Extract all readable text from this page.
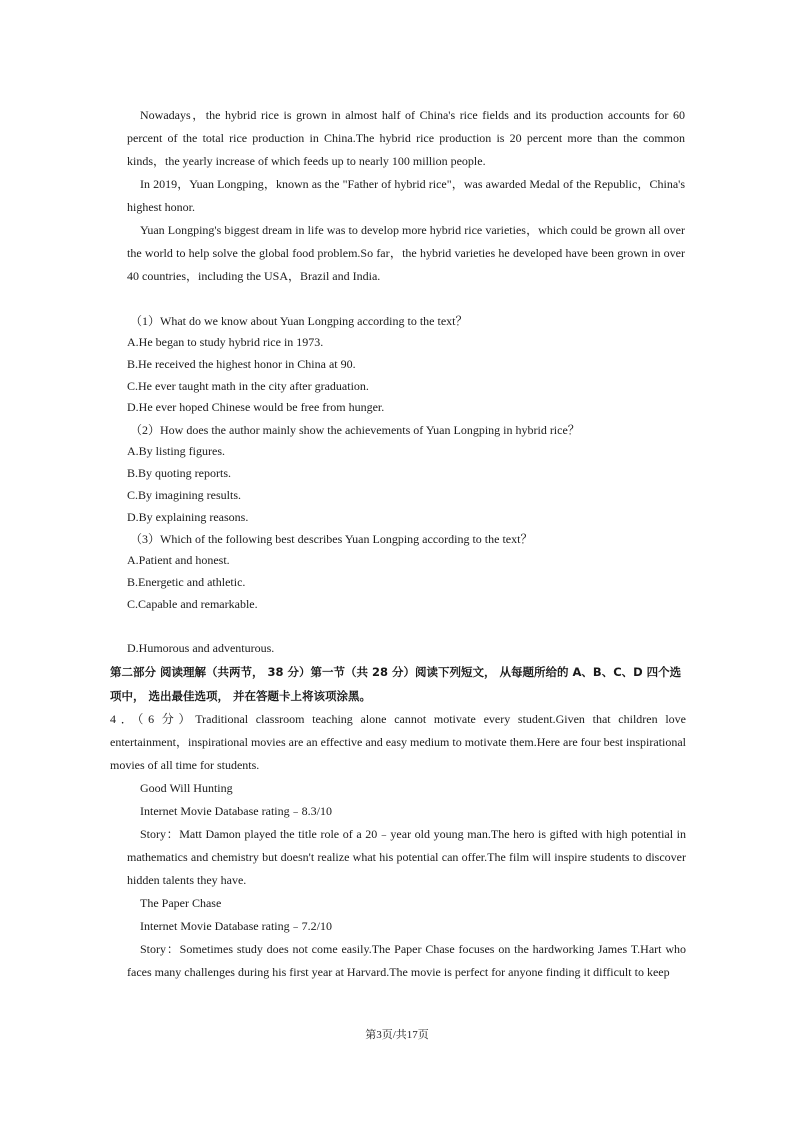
Nowadays，the hybrid rice is grown in almost half of China's rice fields and its production accounts for 60 percent of the total rice production in China.The hybrid rice production is 20 percent more than the common kinds，the yearly increase of which feeds up to nearly 100 million people.

In 2019，Yuan Longping，known as the "Father of hybrid rice"，was awarded Medal of the Republic，China's highest honor.

Yuan Longping's biggest dream in life was to develop more hybrid rice varieties，which could be grown all over the world to help solve the global food problem.So far，the hybrid varieties he developed have been grown in over 40 countries，including the USA，Brazil and India.

（1）What do we know about Yuan Longping according to the text？

A.He began to study hybrid rice in 1973.

B.He received the highest honor in China at 90.

C.He ever taught math in the city after graduation.

D.He ever hoped Chinese would be free from hunger.

（2）How does the author mainly show the achievements of Yuan Longping in hybrid rice？

A.By listing figures.

B.By quoting reports.

C.By imagining results.

D.By explaining reasons.

（3）Which of the following best describes Yuan Longping according to the text？

A.Patient and honest.

B.Energetic and athletic.

C.Capable and remarkable.

D.Humorous and adventurous.

第二部分 阅读理解（共两节， 38 分）第一节（共 28 分）阅读下列短文， 从每题所给的 A、B、C、D 四个选项中， 选出最佳选项， 并在答题卡上将该项涂黑。

4．（6 分）Traditional classroom teaching alone cannot motivate every student.Given that children love entertainment，inspirational movies are an effective and easy medium to motivate them.Here are four best inspirational movies of all time for students.

Good Will Hunting

Internet Movie Database rating﹣8.3/10

Story：Matt Damon played the title role of a 20﹣year old young man.The hero is gifted with high potential in mathematics and chemistry but doesn't realize what his potential can offer.The film will inspire students to discover hidden talents they have.

The Paper Chase

Internet Movie Database rating﹣7.2/10

Story：Sometimes study does not come easily.The Paper Chase focuses on the hardworking James T.Hart who faces many challenges during his first year at Harvard.The movie is perfect for anyone finding it difficult to keep

第3页/共17页
